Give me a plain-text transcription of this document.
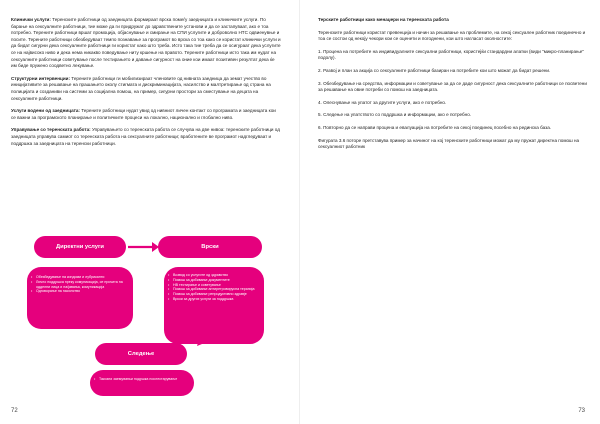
Клинички услуги: Теренските работници од заедницата формираат врска помеѓу заедницата и клиничките услуги. По барање на сексуалните работници, тие може да ги придружат до здравствените установи и да се застапуваат, ако е тоа потребно. Терените работници вршат промоција, објаснување и смирање на СПИ услугите и доброволно НТС одвиенувње и посите. Терените работници обезбедуваат темпо познавање за програмот во врска со тоа како се користат клинички услуги и да бидат сигурни дека сексуалните работници ги користат како што треба. Исто така тие треба да се осигураат дека услугите се на највисоко ниво и дека нема никакво поведување ниту кршење на правото. Терените работници исто така им нудат на сексуалните работници советување после тестирањето и давање сигурност на оние кои имаат позитивен резултат дека ќе им биде пружено соодветно лекување.

Структурни интервенции: Терените работници ги мобилизираат членовите од нивната заедница да земат учество во иницијативите за решавање на прашањето околу стигмата и дискриминацијата, насилство и малтретирање од страна на полицијата и созданиви на системи за социјална помош, на пример, сигурни простори за сместување на децата на сексуалните работници.

Услуги водени од заедницата: Терените работници нудат увид од нивниот личен контакт со програмата и заедницата кои се важни за програмското планирање и политичките процеси на локално, национално и глобално ниво.

Управување со теренската работа: Управувањето со теренската работа се случува на две нивоа: теренските работници од заедницата управува самиот со теренската работа на сексуалните работници; вработените ве програмот надгледуваат и поддршка за заедницата на теренски работници.

Директни услуги	Врски
Следење
• Обезбедување на кондоми и лубриканти
• Лично поддршка преку комуникација, се прочита на одделни лица и на/јавања, комуникација
• Одговорање на насилство
• Возвод со услугите од здравство
• Помош за добивање документите
• НВ тестирање и советување
• Помош за добивање антиретровирусна терапија
• Помош за добивање репродуктивно здравје
• Врски за других услуги за поддршка
• Такозни заемуваньи подршка послестарување
72
Терските работници како менаџери на теренската работа

Теренските работници користат превенција и начин за решавање на проблемите, на секој сексуален работник поединечно и тоа се состои од некоју чекори кои се оценети и погоднени, кои што нагласат околностите:

1. Процена на потребите на индивидуалните сексуални работници, користејќи стандардни алатки (види "микро-планирање" подолу).

2. Развој и план за акција со сексуалните работници базиран на потребите кои што можат да бидат решени.

3. Обезбедување на средства, информации и советување за да се даде сигурност дека сексуалните работници се посветени за решавање на овие потреби со помош на заедницата.

4. Олеснување на упатот за другите услуги, ако е потребно.

5. Следење на упатството со поддршка и информации, ако е потребно.

6. Повторно да се направи процена и евалуација на потребите на секој поединец посебно на рединска база.

Фигурата 3.6 поторе претставува пример за начинот на кој теренските работници можат да му пружат директна помош на сексуалниот работник

73
